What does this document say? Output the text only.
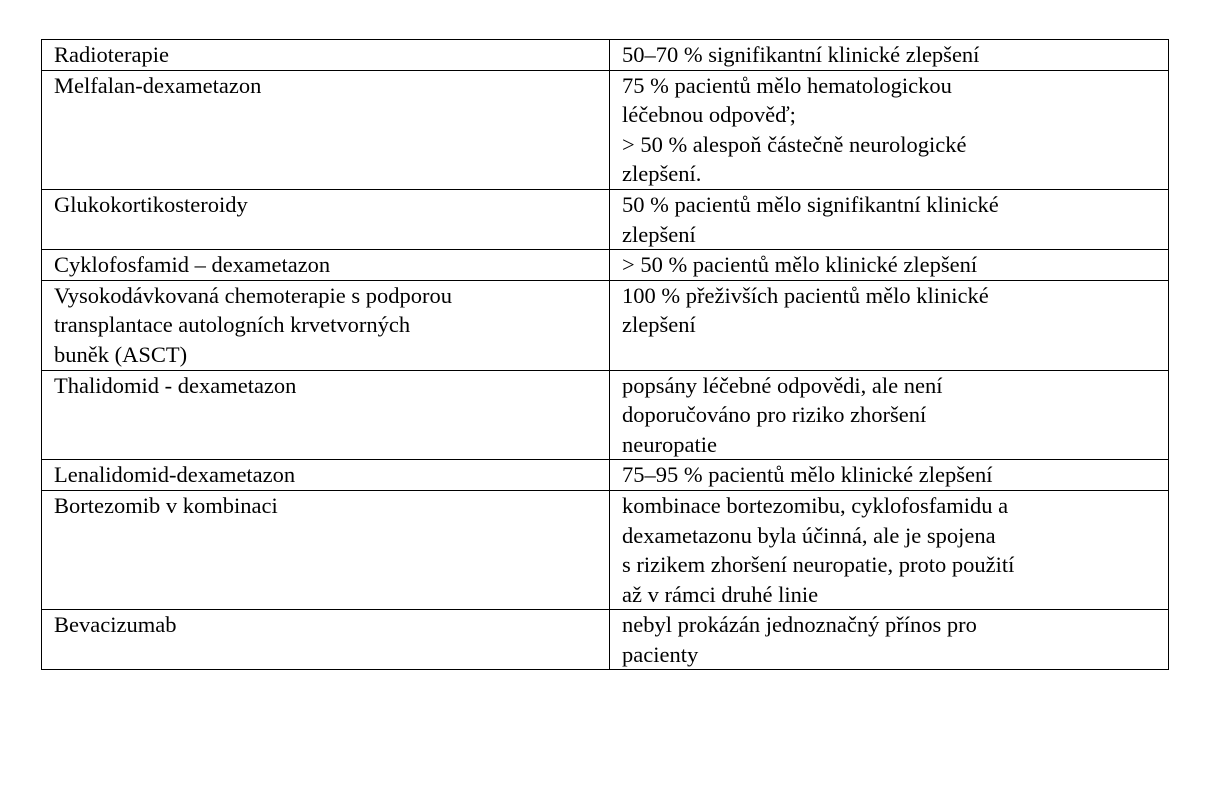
Radioterapie	50–70 % signifikantní klinické zlepšení

Melfalan-dexametazon	75 % pacientů mělo hematologickou
léčebnou odpověď;
> 50 % alespoň částečně neurologické
zlepšení.

Glukokortikosteroidy	50 % pacientů mělo signifikantní klinické
zlepšení

Cyklofosfamid – dexametazon	> 50 % pacientů mělo klinické zlepšení

Vysokodávkovaná chemoterapie s podporou
transplantace autologních krvetvorných
buněk (ASCT)	100 % přeživších pacientů mělo klinické
zlepšení

Thalidomid - dexametazon	popsány léčebné odpovědi, ale není
doporučováno pro riziko zhoršení
neuropatie

Lenalidomid-dexametazon	75–95 % pacientů mělo klinické zlepšení

Bortezomib v kombinaci	kombinace bortezomibu, cyklofosfamidu a
dexametazonu byla účinná, ale je spojena
s rizikem zhoršení neuropatie, proto použití
až v rámci druhé linie

Bevacizumab	nebyl prokázán jednoznačný přínos pro
pacienty
